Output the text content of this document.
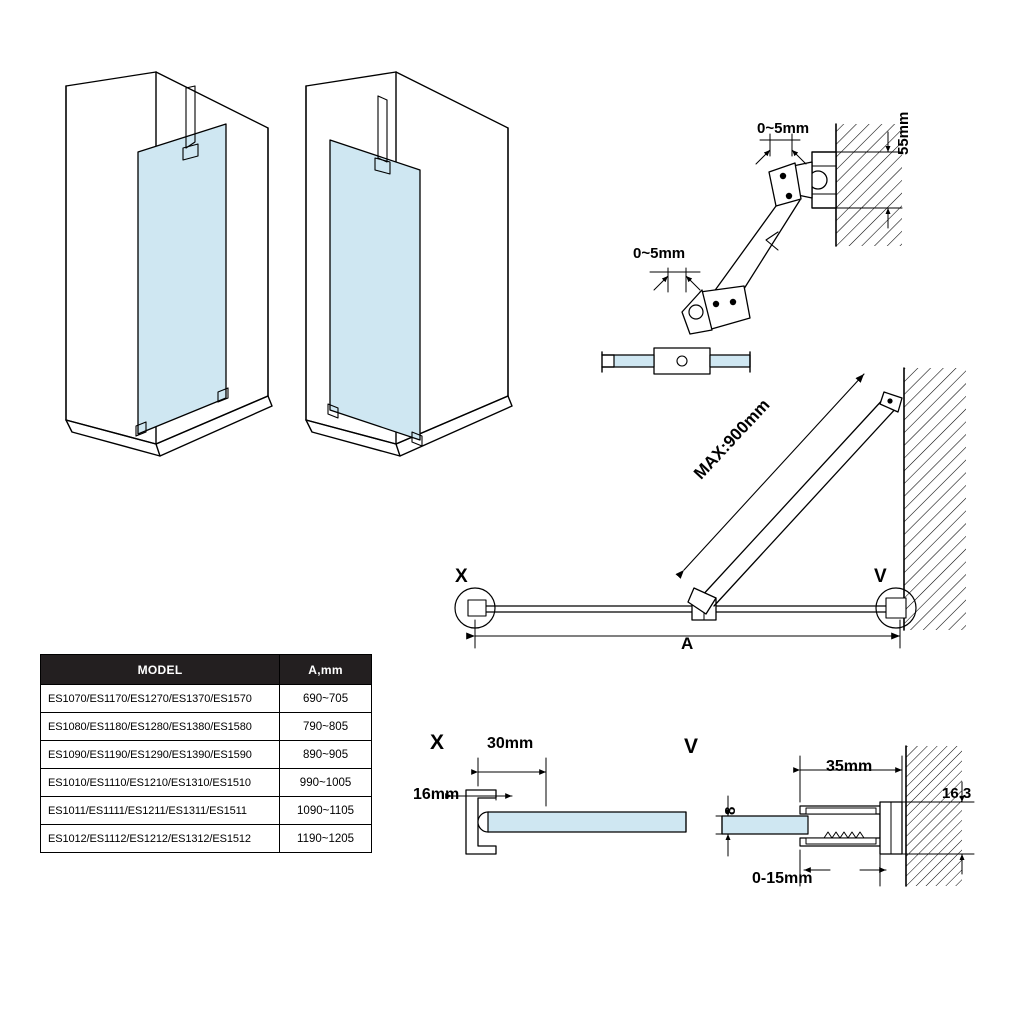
0~5mm
0~5mm
55mm
MAX:900mm
A
X	V
X	30mm
16mm
V
35mm
16.3
8
0-15mm
MODEL	A,mm
ES1070/ES1170/ES1270/ES1370/ES1570	690~705
ES1080/ES1180/ES1280/ES1380/ES1580	790~805
ES1090/ES1190/ES1290/ES1390/ES1590	890~905
ES1010/ES1110/ES1210/ES1310/ES1510	990~1005
ES1011/ES1111/ES1211/ES1311/ES1511	1090~1105
ES1012/ES1112/ES1212/ES1312/ES1512	1190~1205
